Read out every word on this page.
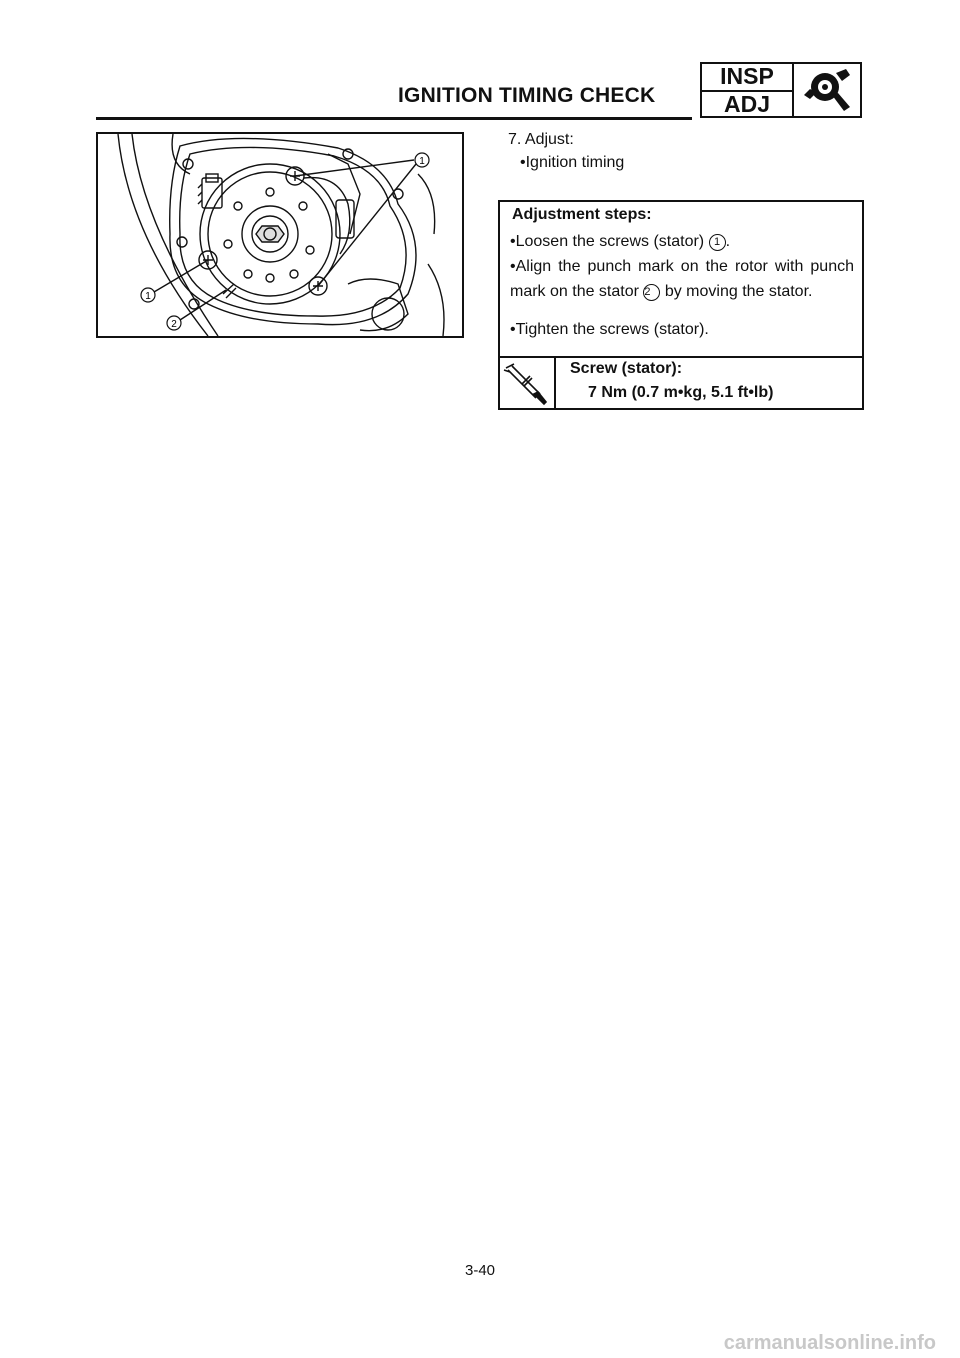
IGNITION TIMING CHECK
INSP
ADJ
1
1
2
7. Adjust:
•Ignition timing
Adjustment steps:
•Loosen the screws (stator) 1 .
•Align the punch mark on the rotor with punch mark on the stator 2 by moving the stator.
•Tighten the screws (stator).
Screw (stator):
7 Nm (0.7 m•kg, 5.1 ft•lb)
3-40
carmanualsonline.info
